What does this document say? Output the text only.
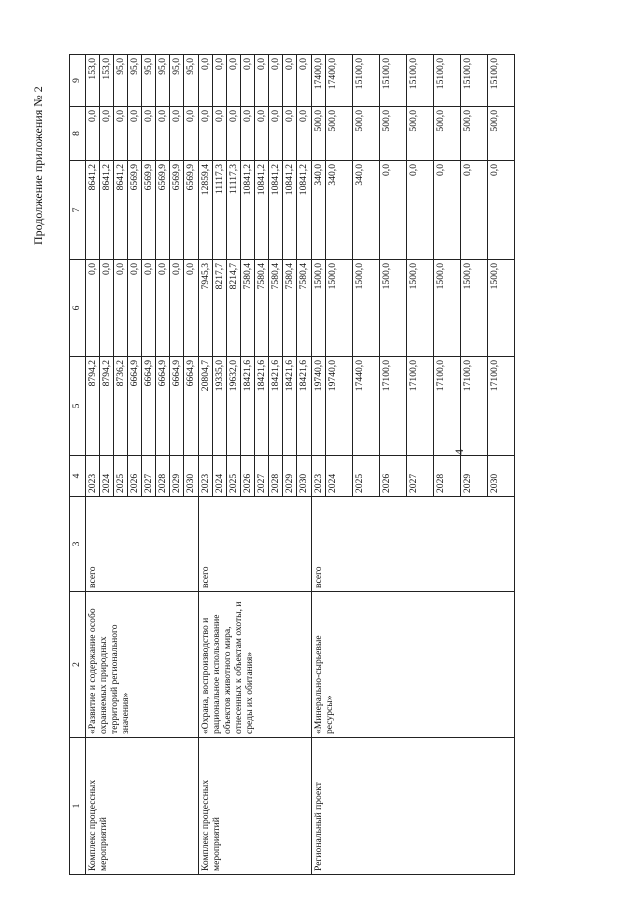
4
Продолжение приложения № 2
1	2	3	4	5	6	7	8	9
Комплекс процессных мероприятий	«Развитие и содержание особо охраняемых природных территорий регионального значения»	всего	2023	8794,2	0,0	8641,2	0,0	153,0
			2024	8794,2	0,0	8641,2	0,0	153,0
			2025	8736,2	0,0	8641,2	0,0	95,0
			2026	6664,9	0,0	6569,9	0,0	95,0
			2027	6664,9	0,0	6569,9	0,0	95,0
			2028	6664,9	0,0	6569,9	0,0	95,0
			2029	6664,9	0,0	6569,9	0,0	95,0
			2030	6664,9	0,0	6569,9	0,0	95,0
Комплекс процессных мероприятий	«Охрана, воспроизводство и рациональное использование объектов животного мира, отнесенных к объектам охоты, и среды их обитания»	всего	2023	20804,7	7945,3	12859,4	0,0	0,0
			2024	19335,0	8217,7	11117,3	0,0	0,0
			2025	19632,0	8214,7	11117,3	0,0	0,0
			2026	18421,6	7580,4	10841,2	0,0	0,0
			2027	18421,6	7580,4	10841,2	0,0	0,0
			2028	18421,6	7580,4	10841,2	0,0	0,0
			2029	18421,6	7580,4	10841,2	0,0	0,0
			2030	18421,6	7580,4	10841,2	0,0	0,0
Региональный проект	«Минерально-сырьевые ресурсы»	всего	2023	19740,0	1500,0	340,0	500,0	17400,0
			2024	19740,0	1500,0	340,0	500,0	17400,0
			2025	17440,0	1500,0	340,0	500,0	15100,0
			2026	17100,0	1500,0	0,0	500,0	15100,0
			2027	17100,0	1500,0	0,0	500,0	15100,0
			2028	17100,0	1500,0	0,0	500,0	15100,0
			2029	17100,0	1500,0	0,0	500,0	15100,0
			2030	17100,0	1500,0	0,0	500,0	15100,0
